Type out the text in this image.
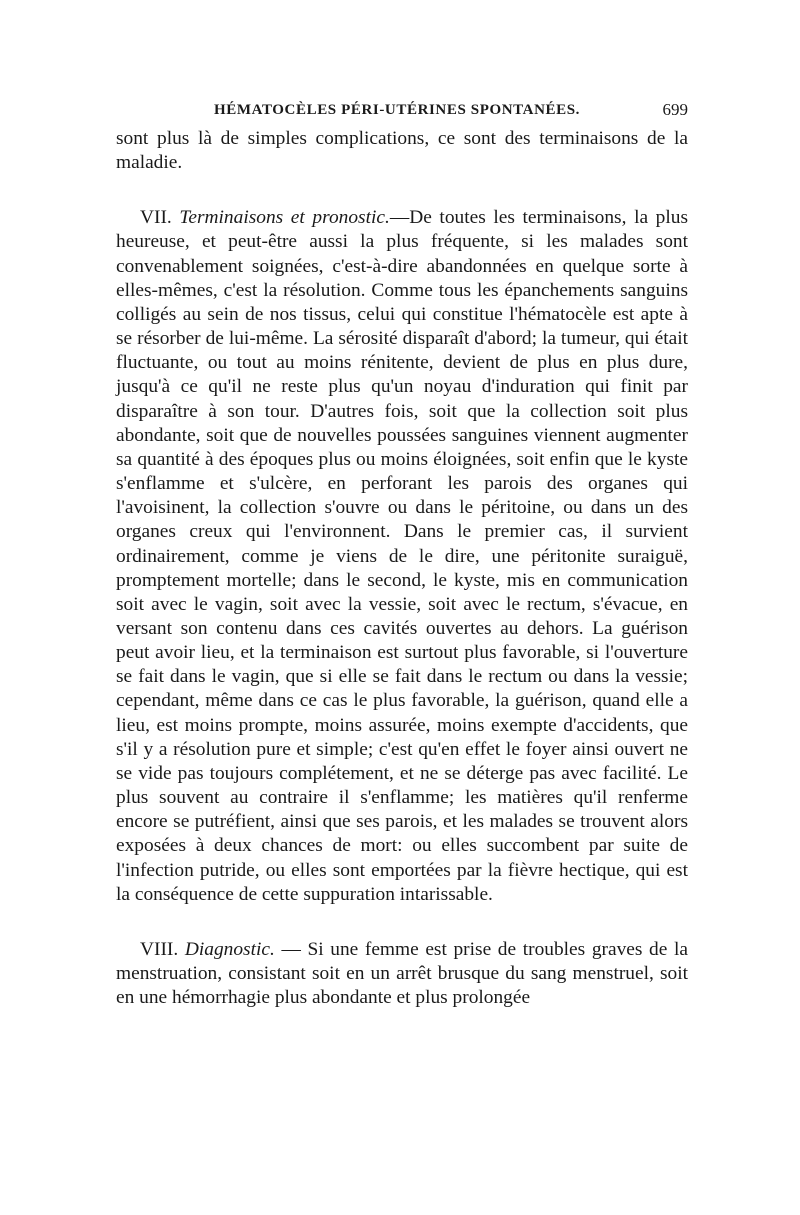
HÉMATOCÈLES PÉRI-UTÉRINES SPONTANÉES.	699

sont plus là de simples complications, ce sont des terminaisons de la maladie.

VII. Terminaisons et pronostic.—De toutes les terminaisons, la plus heureuse, et peut-être aussi la plus fréquente, si les malades sont convenablement soignées, c'est-à-dire abandonnées en quelque sorte à elles-mêmes, c'est la résolution. Comme tous les épanchements sanguins colligés au sein de nos tissus, celui qui constitue l'hématocèle est apte à se résorber de lui-même. La sérosité disparaît d'abord; la tumeur, qui était fluctuante, ou tout au moins rénitente, devient de plus en plus dure, jusqu'à ce qu'il ne reste plus qu'un noyau d'induration qui finit par disparaître à son tour. D'autres fois, soit que la collection soit plus abondante, soit que de nouvelles poussées sanguines viennent augmenter sa quantité à des époques plus ou moins éloignées, soit enfin que le kyste s'enflamme et s'ulcère, en perforant les parois des organes qui l'avoisinent, la collection s'ouvre ou dans le péritoine, ou dans un des organes creux qui l'environnent. Dans le premier cas, il survient ordinairement, comme je viens de le dire, une péritonite suraiguë, promptement mortelle; dans le second, le kyste, mis en communication soit avec le vagin, soit avec la vessie, soit avec le rectum, s'évacue, en versant son contenu dans ces cavités ouvertes au dehors. La guérison peut avoir lieu, et la terminaison est surtout plus favorable, si l'ouverture se fait dans le vagin, que si elle se fait dans le rectum ou dans la vessie; cependant, même dans ce cas le plus favorable, la guérison, quand elle a lieu, est moins prompte, moins assurée, moins exempte d'accidents, que s'il y a résolution pure et simple; c'est qu'en effet le foyer ainsi ouvert ne se vide pas toujours complétement, et ne se déterge pas avec facilité. Le plus souvent au contraire il s'enflamme; les matières qu'il renferme encore se putréfient, ainsi que ses parois, et les malades se trouvent alors exposées à deux chances de mort: ou elles succombent par suite de l'infection putride, ou elles sont emportées par la fièvre hectique, qui est la conséquence de cette suppuration intarissable.

VIII. Diagnostic. — Si une femme est prise de troubles graves de la menstruation, consistant soit en un arrêt brusque du sang menstruel, soit en une hémorrhagie plus abondante et plus prolongée
